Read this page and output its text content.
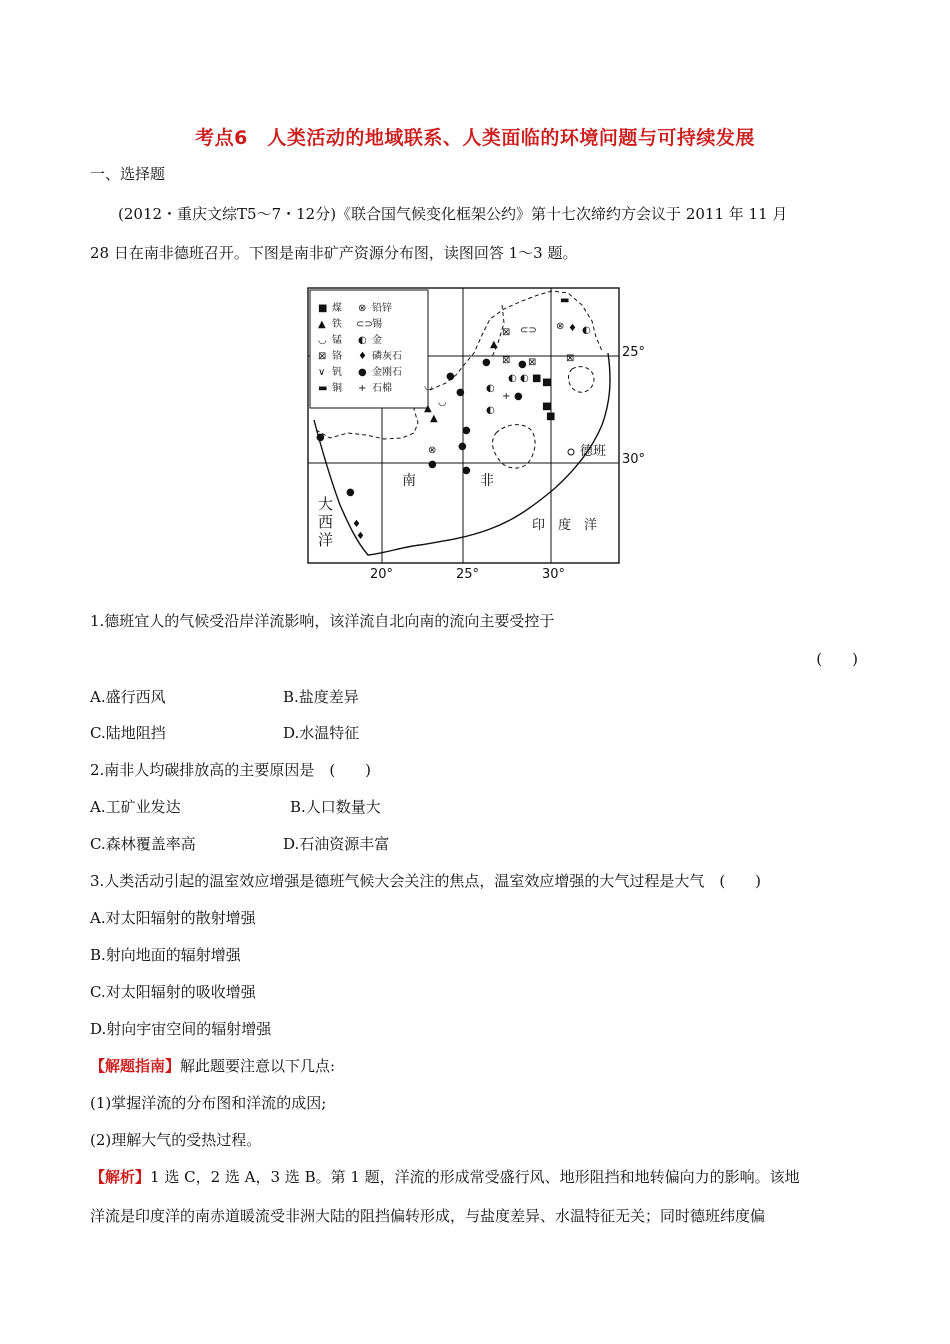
考点6　人类活动的地域联系、人类面临的环境问题与可持续发展
一、选择题
(2012・重庆文综T5～7・12分)《联合国气候变化框架公约》第十七次缔约方会议于 2011 年 11 月
28 日在南非德班召开。下图是南非矿产资源分布图，读图回答 1～3 题。
■ 煤
▲ 铁
◡ 锰
⊠ 铬
∨ 钒
▬ 铜
⊗ 铅锌
⊂⊃ 锡
◐ 金
♦ 磷灰石
● 金刚石
+ 石棉
▬
⊂⊃ ⊗ ♦ ◐
⊠
▲
⊠ ● ⊠	⊠
●
◐ ◐ ■ ■
◐
+ ●
◐	■
■
●
●
◡
◡
▲
▲
●
●
⊗
●
●
●
●
♦
♦
25°
30°
20°	25°	30°
德班
南	非
大
西
洋
印　度　洋
1.德班宜人的气候受沿岸洋流影响，该洋流自北向南的流向主要受控于
(　　)
A.盛行西风	B.盐度差异
C.陆地阻挡	D.水温特征
2.南非人均碳排放高的主要原因是　(　　)
A.工矿业发达	B.人口数量大
C.森林覆盖率高	D.石油资源丰富
3.人类活动引起的温室效应增强是德班气候大会关注的焦点，温室效应增强的大气过程是大气　(　　)
A.对太阳辐射的散射增强
B.射向地面的辐射增强
C.对太阳辐射的吸收增强
D.射向宇宙空间的辐射增强
【解题指南】解此题要注意以下几点:
(1)掌握洋流的分布图和洋流的成因;
(2)理解大气的受热过程。
【解析】1 选 C，2 选 A，3 选 B。第 1 题，洋流的形成常受盛行风、地形阻挡和地转偏向力的影响。该地
洋流是印度洋的南赤道暖流受非洲大陆的阻挡偏转形成，与盐度差异、水温特征无关；同时德班纬度偏
